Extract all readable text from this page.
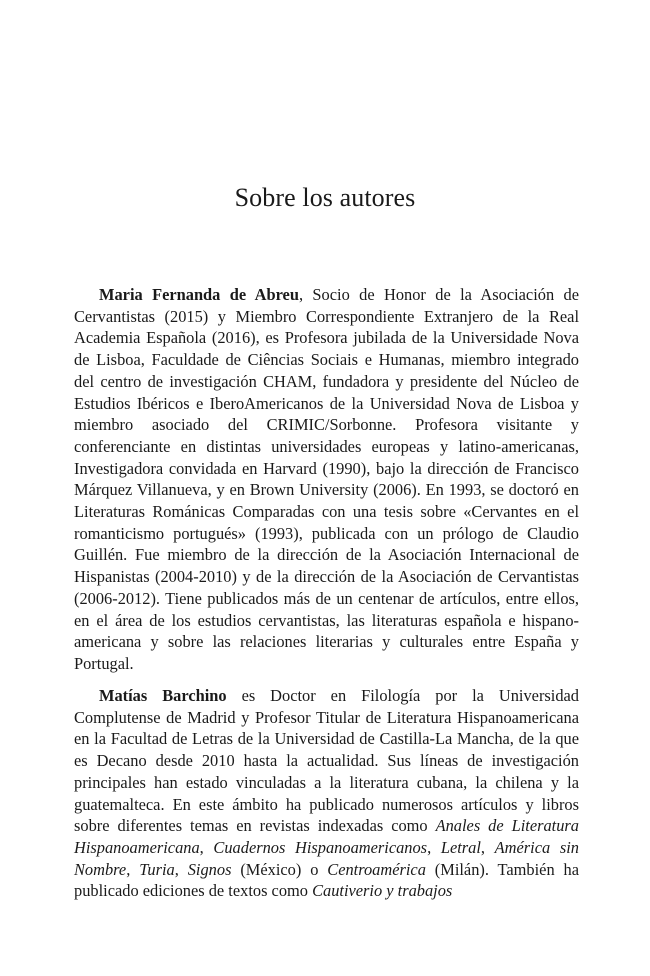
Sobre los autores

Maria Fernanda de Abreu, Socio de Honor de la Asociación de Cervantistas (2015) y Miembro Correspondiente Extranjero de la Real Academia Española (2016), es Profesora jubilada de la Universidade Nova de Lisboa, Faculdade de Ciências Sociais e Humanas, miembro integrado del centro de investigación CHAM, fundadora y presidente del Núcleo de Estudios Ibéricos e IberoAmericanos de la Universidad Nova de Lisboa y miembro asociado del CRIMIC/Sorbonne. Profesora visitante y conferenciante en distintas universidades europeas y latino-americanas, Investigadora convidada en Harvard (1990), bajo la dirección de Francisco Márquez Villanueva, y en Brown University (2006). En 1993, se doctoró en Literaturas Románicas Comparadas con una tesis sobre «Cervantes en el romanticismo portugués» (1993), publicada con un prólogo de Claudio Guillén. Fue miembro de la dirección de la Asociación Internacional de Hispanistas (2004-2010) y de la dirección de la Asociación de Cervantistas (2006-2012). Tiene publicados más de un centenar de artículos, entre ellos, en el área de los estudios cervantistas, las literaturas española e hispano-americana y sobre las relaciones literarias y culturales entre España y Portugal.

Matías Barchino es Doctor en Filología por la Universidad Complutense de Madrid y Profesor Titular de Literatura Hispanoamericana en la Facultad de Letras de la Universidad de Castilla-La Mancha, de la que es Decano desde 2010 hasta la actualidad. Sus líneas de investigación principales han estado vinculadas a la literatura cubana, la chilena y la guatemalteca. En este ámbito ha publicado numerosos artículos y libros sobre diferentes temas en revistas indexadas como Anales de Literatura Hispanoamericana, Cuadernos Hispanoamericanos, Letral, América sin Nombre, Turia, Signos (México) o Centroamérica (Milán). También ha publicado ediciones de textos como Cautiverio y trabajos
